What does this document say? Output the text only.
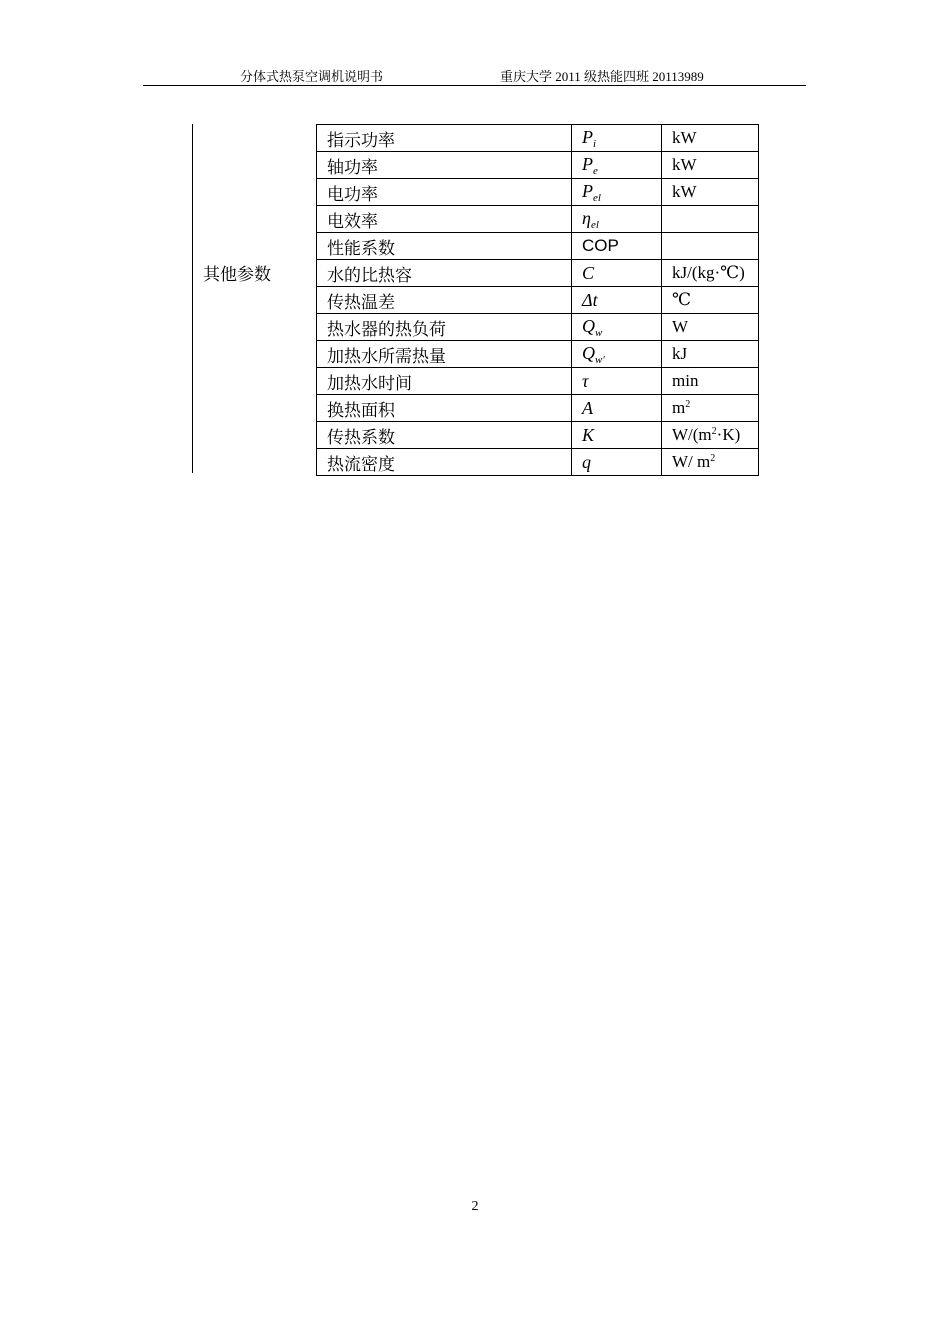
分体式热泵空调机说明书	重庆大学 2011 级热能四班 20113989
其他参数
指示功率	$P_i$	kW
轴功率	$P_e$	kW
电功率	$P_{el}$	kW
电效率	$\eta_{el}$	
性能系数	COP	
水的比热容	C	kJ/(kg·℃)
传热温差	Δt	℃
热水器的热负荷	$Q_w$	W
加热水所需热量	$Q_{w'}$	kJ
加热水时间	τ	min
换热面积	A	$m^2$
传热系数	K	$W/(m^2\cdot K)$
热流密度	q	W/ $m^2$
2
